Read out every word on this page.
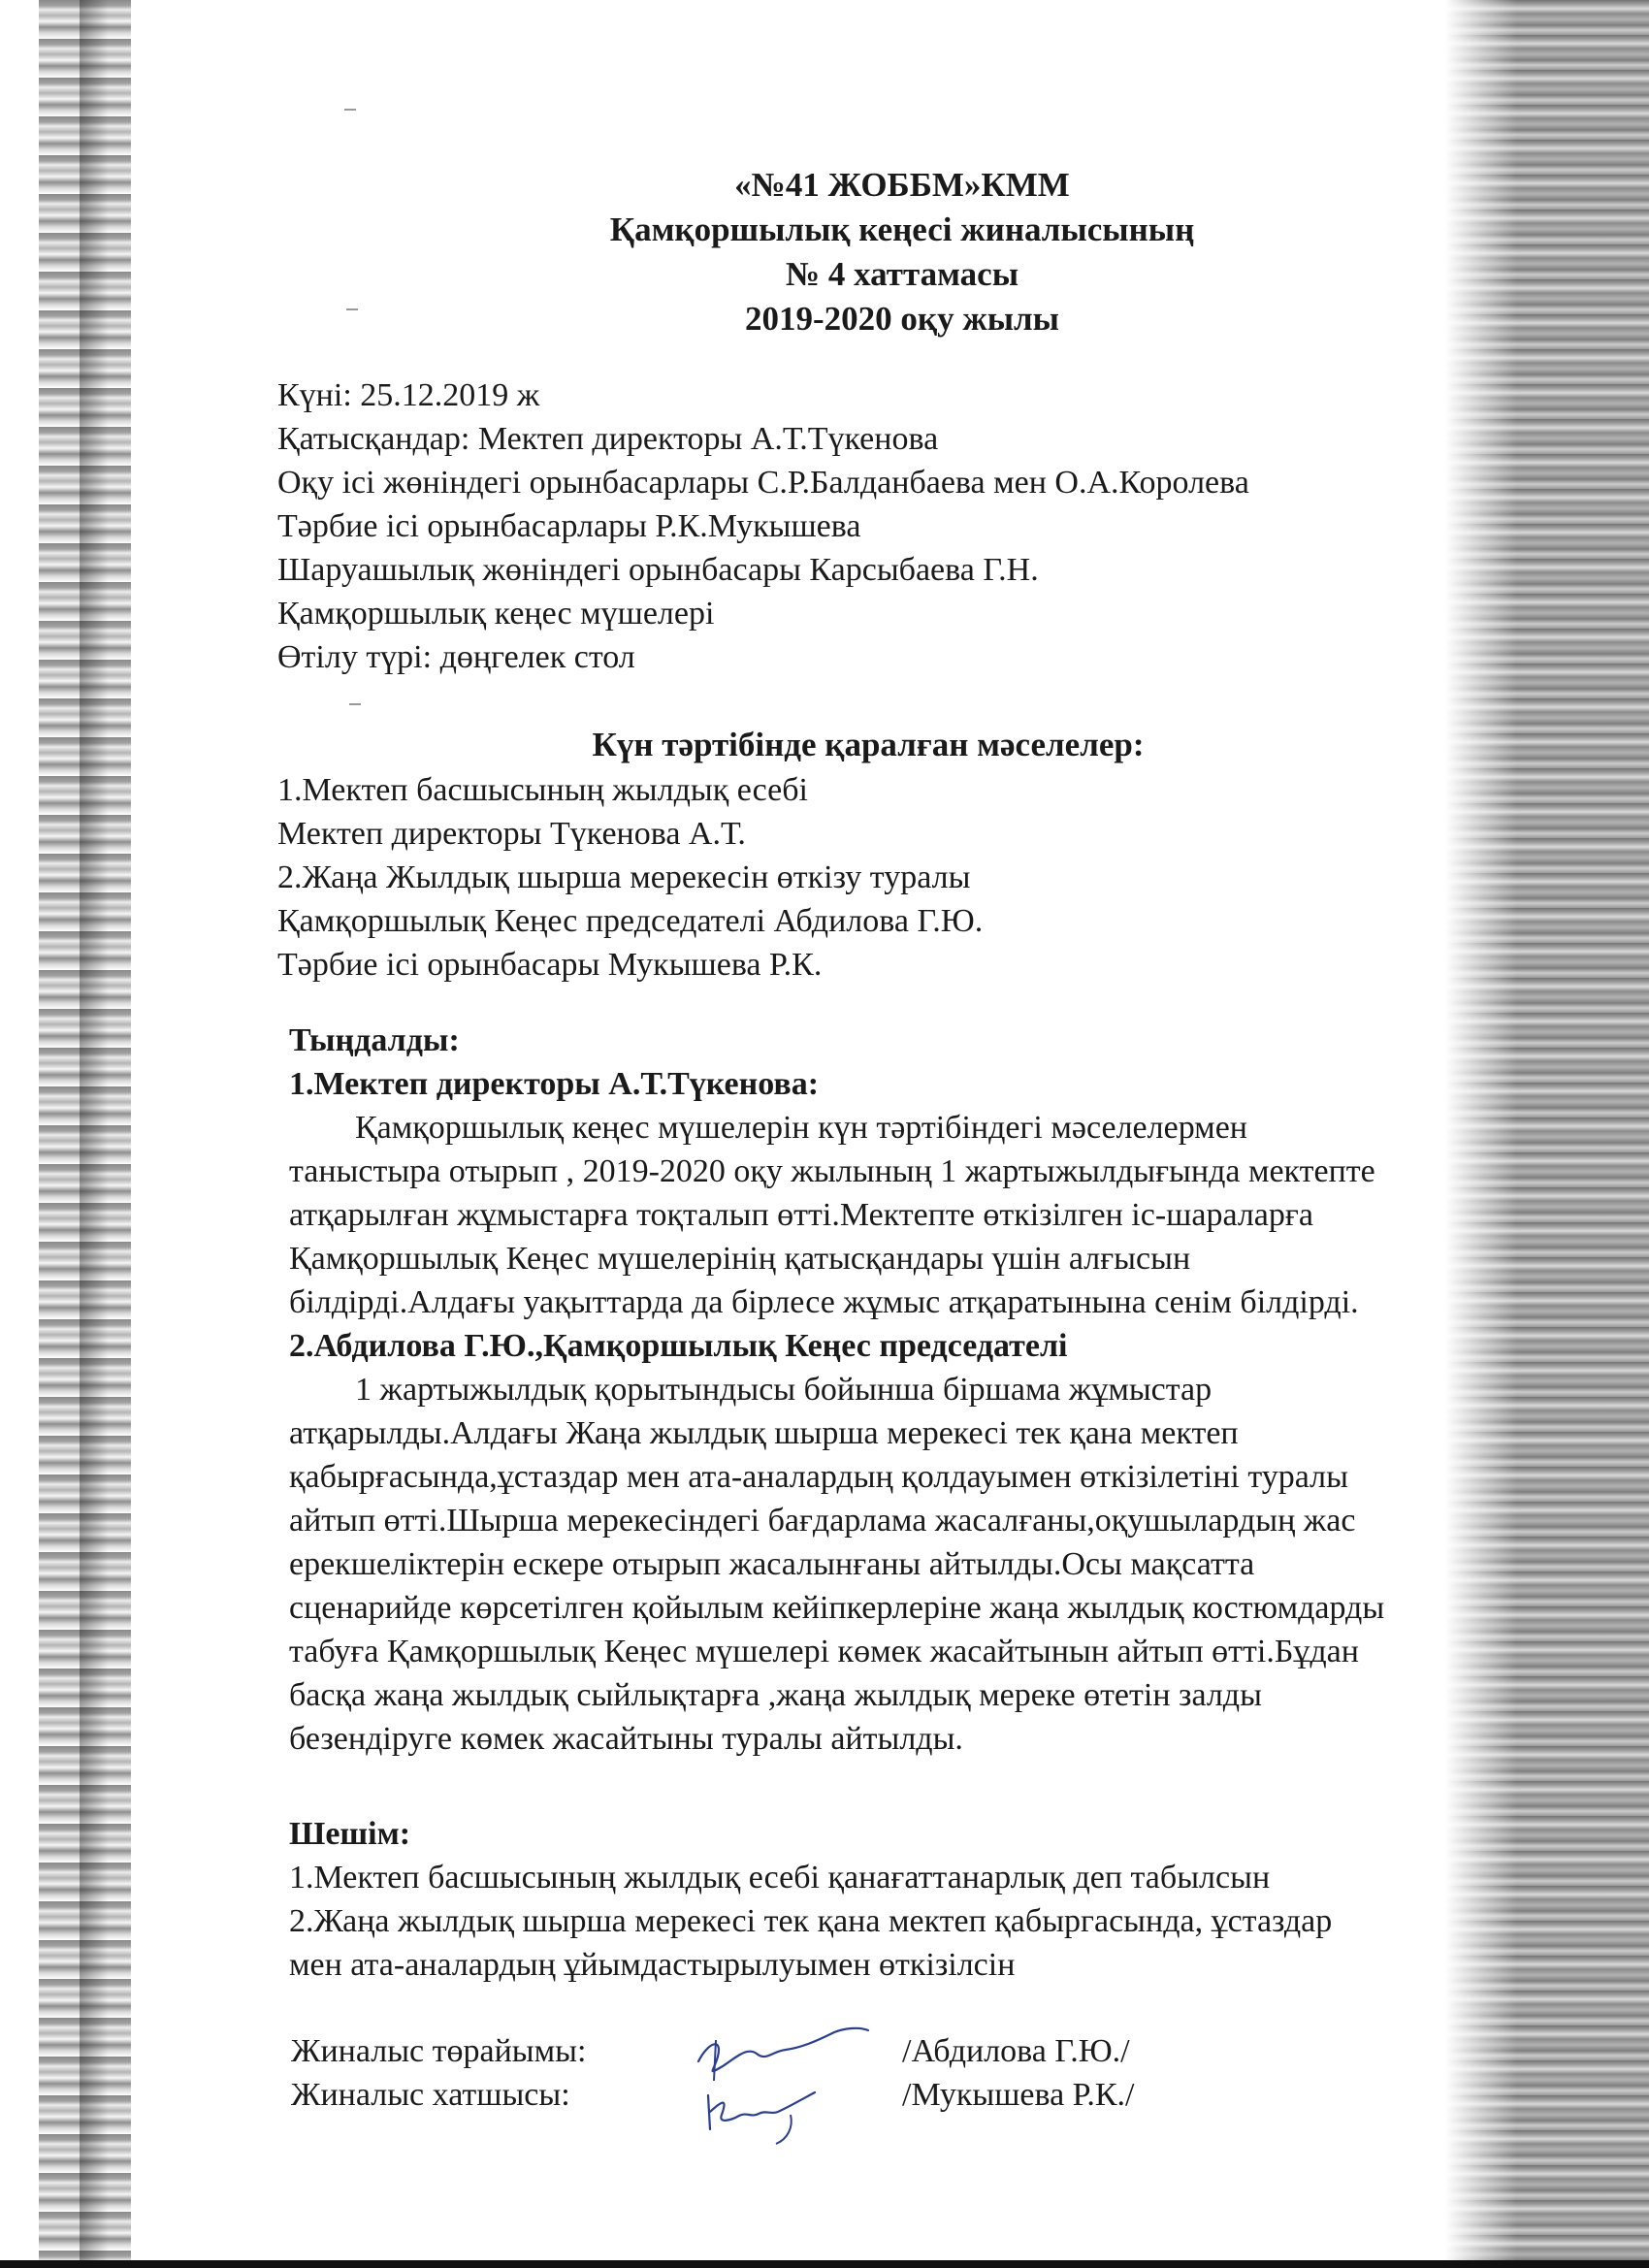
«№41 ЖОББМ»КММ
Қамқоршылық кеңесі жиналысының
№ 4 хаттамасы
2019-2020 оқу жылы
Күні: 25.12.2019 ж
Қатысқандар: Мектеп директоры А.Т.Түкенова
Оқу ісі жөніндегі орынбасарлары С.Р.Балданбаева мен О.А.Королева
Тәрбие ісі орынбасарлары Р.К.Мукышева
Шаруашылық жөніндегі орынбасары Карсыбаева Г.Н.
Қамқоршылық кеңес мүшелері
Өтілу түрі: дөңгелек стол
Күн тәртібінде қаралған мәселелер:
1.Мектеп басшысының жылдық есебі
Мектеп директоры Түкенова А.Т.
2.Жаңа Жылдық шырша мерекесін өткізу туралы
Қамқоршылық Кеңес председателі Абдилова Г.Ю.
Тәрбие ісі орынбасары Мукышева Р.К.
Тыңдалды:
1.Мектеп директоры А.Т.Түкенова:
Қамқоршылық кеңес мүшелерін күн тәртібіндегі мәселелермен
таныстыра отырып , 2019-2020 оқу жылының 1 жартыжылдығында мектепте
атқарылған жұмыстарға тоқталып өтті.Мектепте өткізілген іс-шараларға
Қамқоршылық Кеңес мүшелерінің қатысқандары үшін алғысын
білдірді.Алдағы уақыттарда да бірлесе жұмыс атқаратынына сенім білдірді.
2.Абдилова Г.Ю.,Қамқоршылық Кеңес председателі
1 жартыжылдық қорытындысы бойынша біршама жұмыстар
атқарылды.Алдағы Жаңа жылдық шырша мерекесі тек қана мектеп
қабырғасында,ұстаздар мен ата-аналардың қолдауымен өткізілетіні туралы
айтып өтті.Шырша мерекесіндегі бағдарлама жасалғаны,оқушылардың жас
ерекшеліктерін ескере отырып жасалынғаны айтылды.Осы мақсатта
сценарийде көрсетілген қойылым кейіпкерлеріне жаңа жылдық костюмдарды
табуға Қамқоршылық Кеңес мүшелері көмек жасайтынын айтып өтті.Бұдан
басқа жаңа жылдық сыйлықтарға ,жаңа жылдық мереке өтетін залды
безендіруге көмек жасайтыны туралы айтылды.
Шешім:
1.Мектеп басшысының жылдық есебі қанағаттанарлық деп табылсын
2.Жаңа жылдық шырша мерекесі тек қана мектеп қабыргасында, ұстаздар
мен ата-аналардың ұйымдастырылуымен өткізілсін
Жиналыс төрайымы:	/Абдилова Г.Ю./
Жиналыс хатшысы:	/Мукышева Р.К./
